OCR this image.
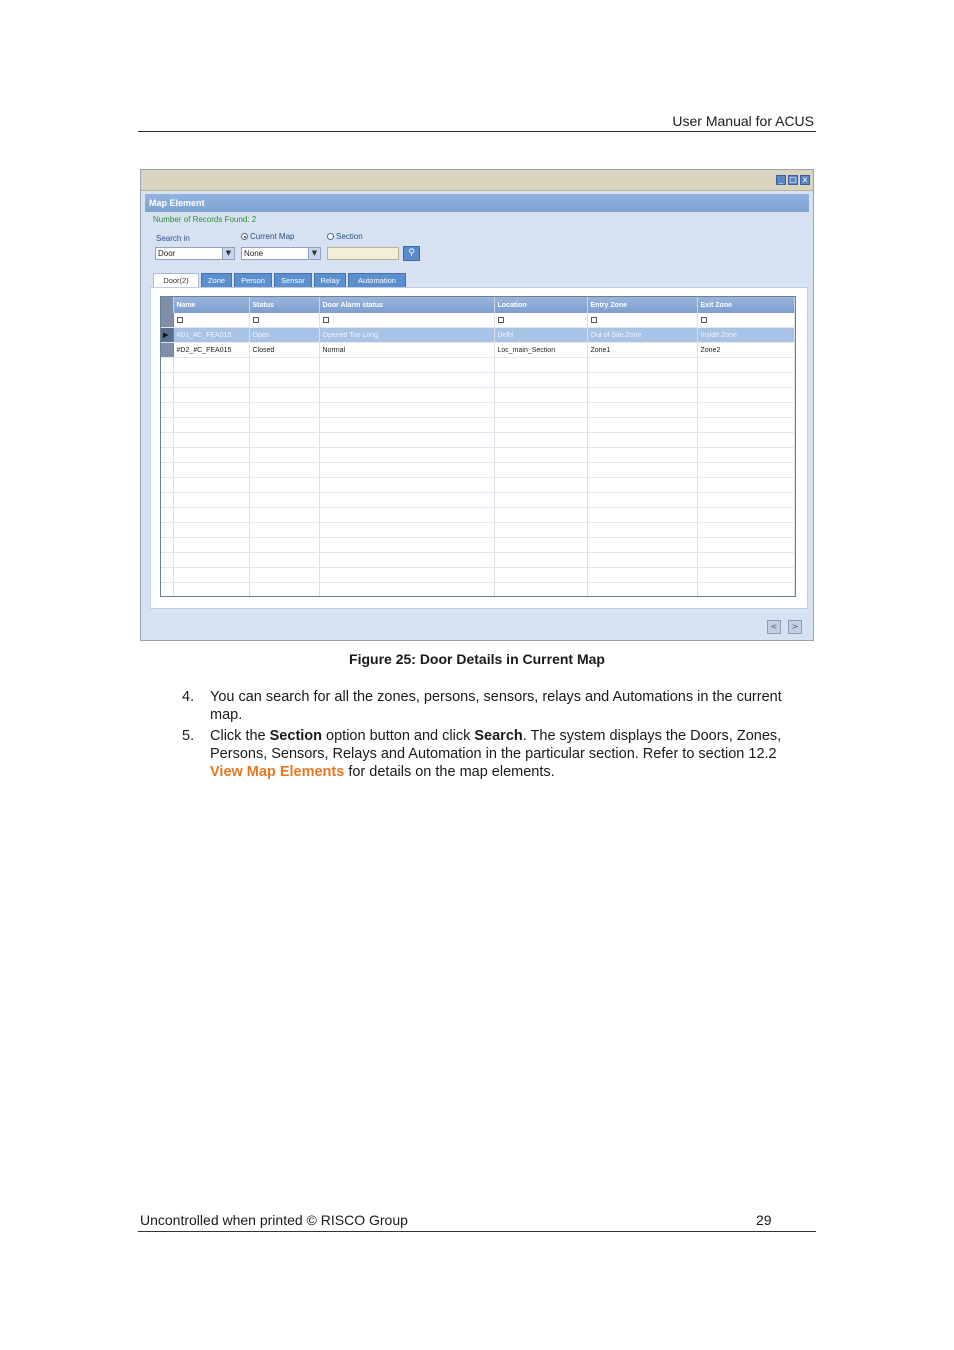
User Manual for ACUS
_ □ x
Map Element
Number of Records Found: 2
Search in	Current Map	Section
Door	▼	None	▼	⚲
Door(2)	Zone	Person	Sensor	Relay	Automation
	Name	Status	Door Alarm status	Location	Entry Zone	Exit Zone

▶	#D1_#C_FEA015	Open	Opened Too Long	Delhi	Out of Site Zone	Inside Zone
	#D2_#C_FEA015	Closed	Normal	Loc_main_Section	Zone1	Zone2

<	>
Figure 25: Door Details in Current Map
4. You can search for all the zones, persons, sensors, relays and Automations in the current map.
5. Click the Section option button and click Search. The system displays the Doors, Zones, Persons, Sensors, Relays and Automation in the particular section. Refer to section 12.2 View Map Elements for details on the map elements.
Uncontrolled when printed © RISCO Group	29
